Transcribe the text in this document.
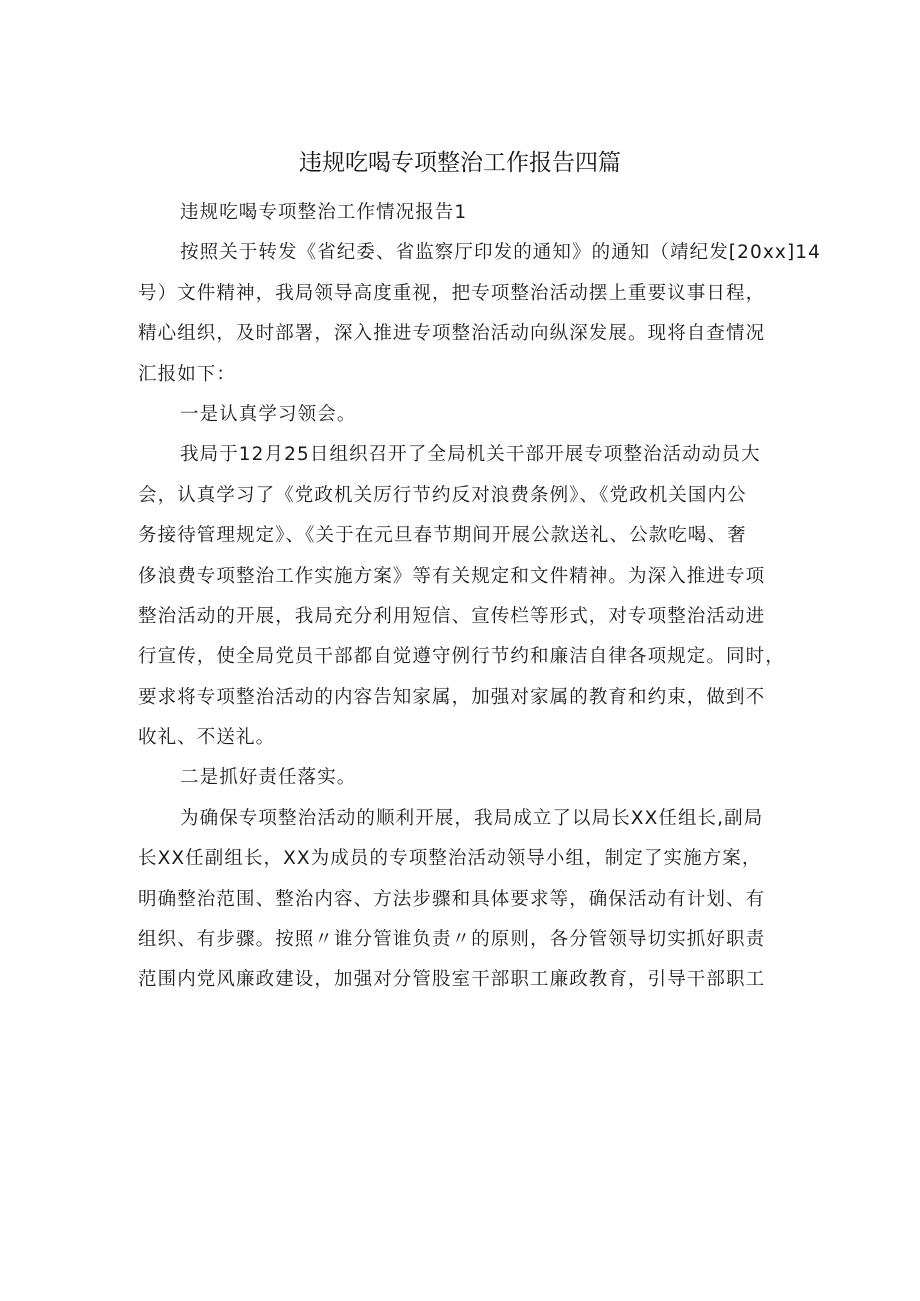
违规吃喝专项整治工作报告四篇
违规吃喝专项整治工作情况报告1
按照关于转发《省纪委、省监察厅印发的通知》的通知（靖纪发[20xx]14
号）文件精神，我局领导高度重视，把专项整治活动摆上重要议事日程，
精心组织，及时部署，深入推进专项整治活动向纵深发展。现将自查情况
汇报如下：
一是认真学习领会。
我局于12月25日组织召开了全局机关干部开展专项整治活动动员大
会，认真学习了《党政机关厉行节约反对浪费条例》、《党政机关国内公
务接待管理规定》、《关于在元旦春节期间开展公款送礼、公款吃喝、奢
侈浪费专项整治工作实施方案》等有关规定和文件精神。为深入推进专项
整治活动的开展，我局充分利用短信、宣传栏等形式，对专项整治活动进
行宣传，使全局党员干部都自觉遵守例行节约和廉洁自律各项规定。同时，
要求将专项整治活动的内容告知家属，加强对家属的教育和约束，做到不
收礼、不送礼。
二是抓好责任落实。
为确保专项整治活动的顺利开展，我局成立了以局长XX任组长,副局
长XX任副组长，XX为成员的专项整治活动领导小组，制定了实施方案，
明确整治范围、整治内容、方法步骤和具体要求等，确保活动有计划、有
组织、有步骤。按照〃谁分管谁负责〃的原则，各分管领导切实抓好职责
范围内党风廉政建设，加强对分管股室干部职工廉政教育，引导干部职工
